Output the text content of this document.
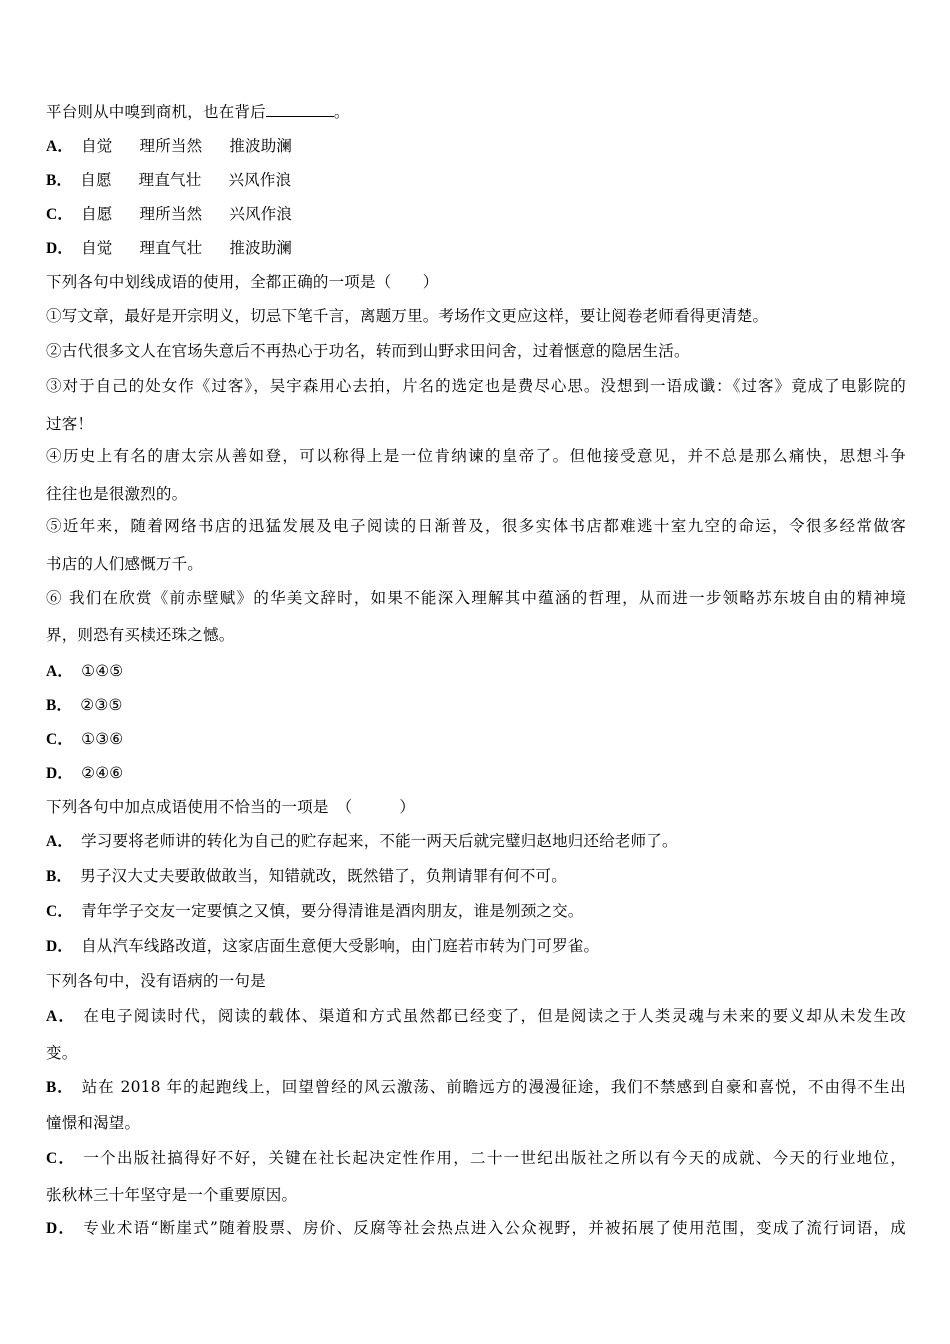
平台则从中嗅到商机，也在背后	。
A． 自觉 理所当然 推波助澜
B． 自愿 理直气壮 兴风作浪
C． 自愿 理所当然 兴风作浪
D． 自觉 理直气壮 推波助澜
下列各句中划线成语的使用，全都正确的一项是（　　）
①写文章，最好是开宗明义，切忌下笔千言，离题万里。考场作文更应这样，要让阅卷老师看得更清楚。
②古代很多文人在官场失意后不再热心于功名，转而到山野求田问舍，过着惬意的隐居生活。
③对于自己的处女作《过客》，吴宇森用心去拍，片名的选定也是费尽心思。没想到一语成谶：《过客》竟成了电影院的
过客！
④历史上有名的唐太宗从善如登，可以称得上是一位肯纳谏的皇帝了。但他接受意见，并不总是那么痛快，思想斗争
往往也是很激烈的。
⑤近年来，随着网络书店的迅猛发展及电子阅读的日渐普及，很多实体书店都难逃十室九空的命运，令很多经常做客
书店的人们感慨万千。
⑥ 我们在欣赏《前赤壁赋》的华美文辞时，如果不能深入理解其中蕴涵的哲理，从而进一步领略苏东坡自由的精神境
界，则恐有买椟还珠之憾。
A． ①④⑤
B． ②③⑤
C． ①③⑥
D． ②④⑥
下列各句中加点成语使用不恰当的一项是　（　　　）
A． 学习要将老师讲的转化为自己的贮存起来，不能一两天后就完璧归赵地归还给老师了。
B． 男子汉大丈夫要敢做敢当，知错就改，既然错了，负荆请罪有何不可。
C． 青年学子交友一定要慎之又慎，要分得清谁是酒肉朋友，谁是刎颈之交。
D． 自从汽车线路改道，这家店面生意便大受影响，由门庭若市转为门可罗雀。
下列各句中，没有语病的一句是
A． 在电子阅读时代，阅读的载体、渠道和方式虽然都已经变了，但是阅读之于人类灵魂与未来的要义却从未发生改
变。
B． 站在 2018 年的起跑线上，回望曾经的风云激荡、前瞻远方的漫漫征途，我们不禁感到自豪和喜悦，不由得不生出
憧憬和渴望。
C． 一个出版社搞得好不好，关键在社长起决定性作用，二十一世纪出版社之所以有今天的成就、今天的行业地位，
张秋林三十年坚守是一个重要原因。
D． 专业术语“断崖式”随着股票、房价、反腐等社会热点进入公众视野，并被拓展了使用范围，变成了流行词语，成
